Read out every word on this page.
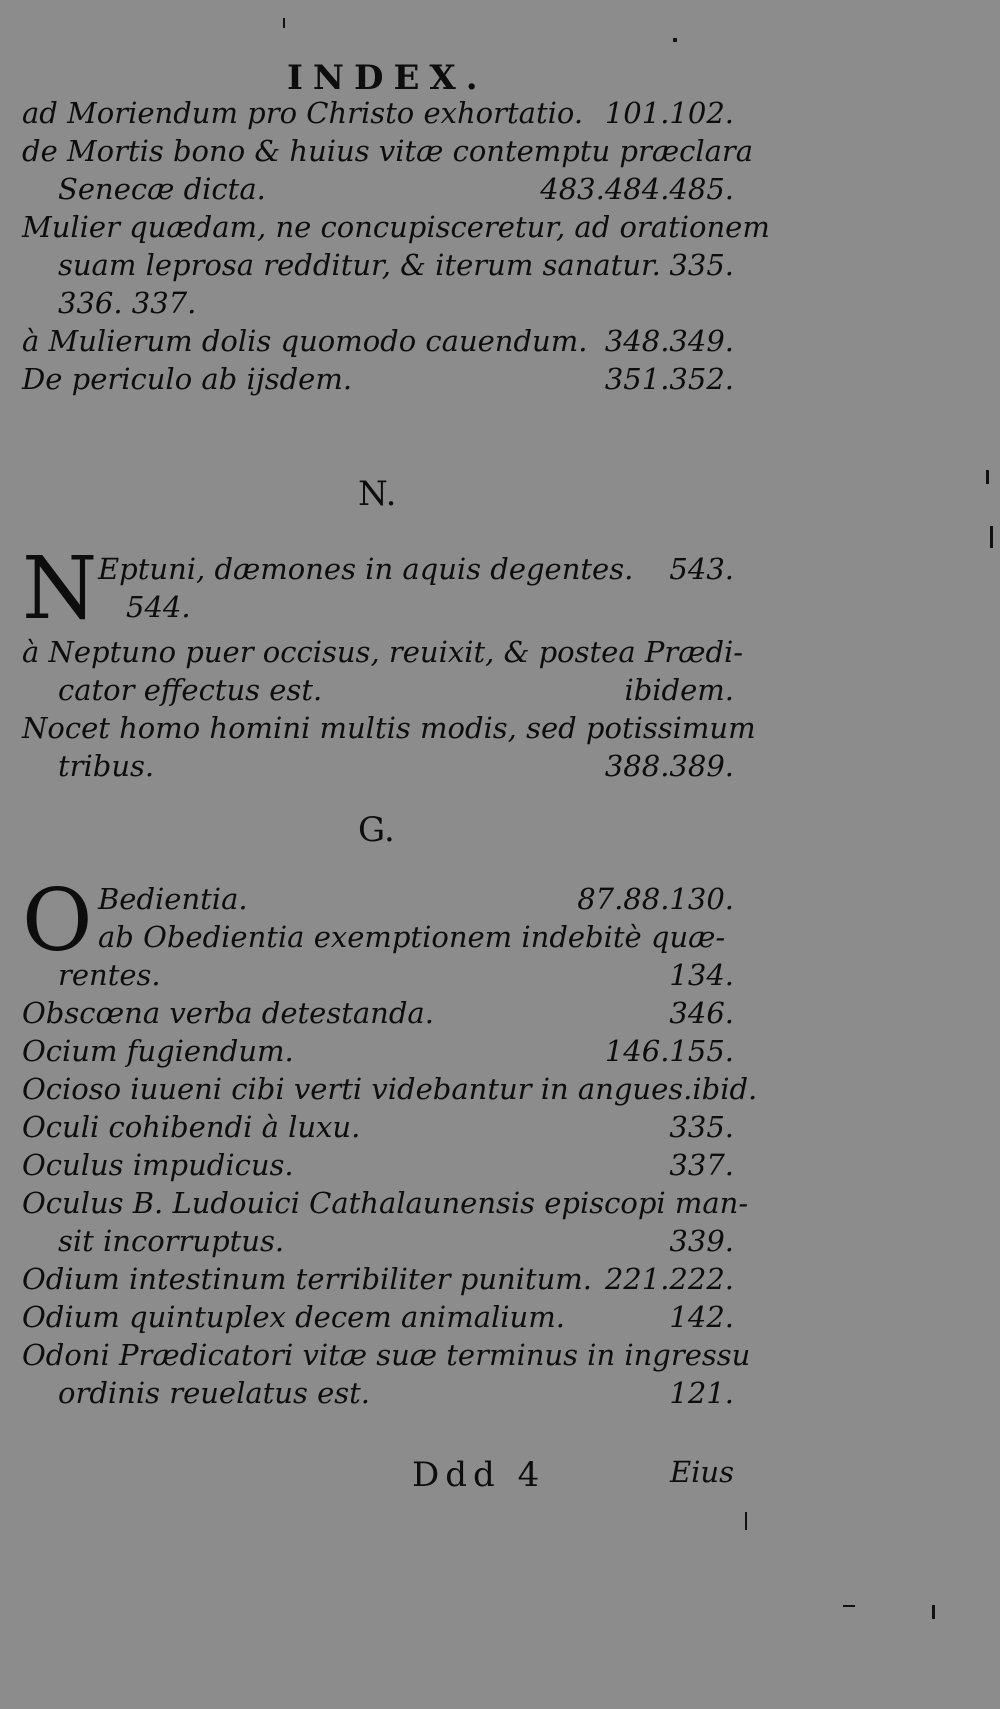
INDEX.
ad Moriendum pro Christo exhortatio. 101.102.
de Mortis bono & huius vitæ contemptu præclara
Senecæ dicta.	483.484.485.
Mulier quædam, ne concupisceretur, ad orationem
suam leprosa redditur, & iterum sanatur. 335.
336. 337.
à Mulierum dolis quomodo cauendum. 348.349.
De periculo ab ijsdem.	351.352.
N.
N Eptuni, dæmones in aquis degentes. 543.
544.
à Neptuno puer occisus, reuixit, & postea Prædi-
cator effectus est.	ibidem.
Nocet homo homini multis modis, sed potissimum
tribus.	388.389.
G.
O Bedientia.	87.88.130.
ab Obedientia exemptionem indebitè quæ-
rentes.	134.
Obscœna verba detestanda.	346.
Ocium fugiendum.	146.155.
Ocioso iuueni cibi verti videbantur in angues. ibid.
Oculi cohibendi à luxu.	335.
Oculus impudicus.	337.
Oculus B. Ludouici Cathalaunensis episcopi man-
sit incorruptus.	339.
Odium intestinum terribiliter punitum. 221.222.
Odium quintuplex decem animalium.	142.
Odoni Prædicatori vitæ suæ terminus in ingressu
ordinis reuelatus est.	121.
Ddd 4	Eius
